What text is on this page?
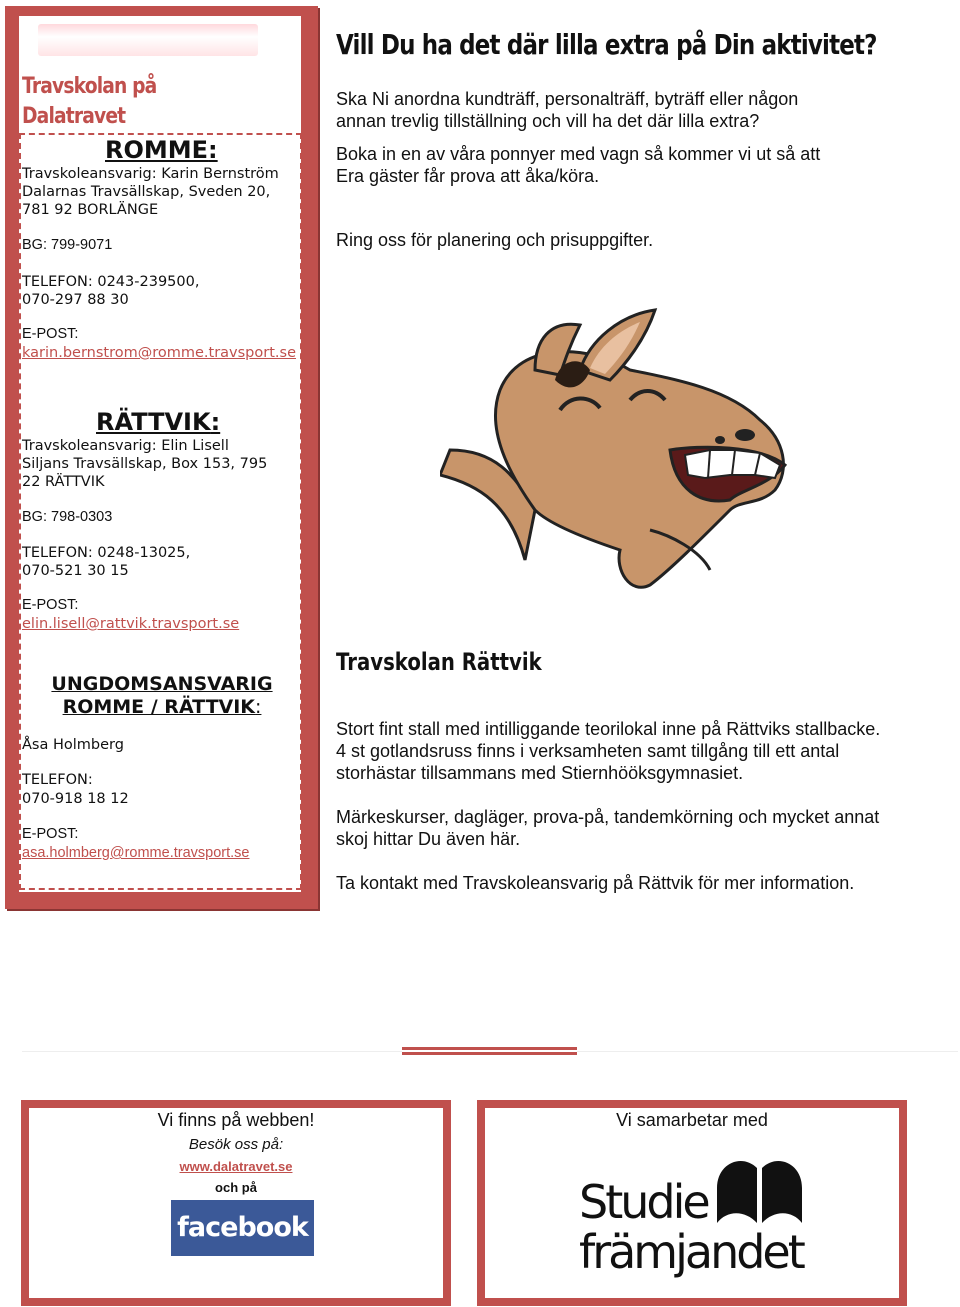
Travskolan på
Dalatravet
ROMME:
Travskoleansvarig: Karin Bernström
Dalarnas Travsällskap, Sveden 20,
781 92 BORLÄNGE
BG: 799-9071
TELEFON: 0243-239500,
070-297 88 30
E-POST:
karin.bernstrom@romme.travsport.se
RÄTTVIK:
Travskoleansvarig: Elin Lisell
Siljans Travsällskap, Box 153, 795
22 RÄTTVIK
BG: 798-0303
TELEFON: 0248-13025,
070-521 30 15
E-POST:
elin.lisell@rattvik.travsport.se
UNGDOMSANSVARIG
ROMME / RÄTTVIK:
Åsa Holmberg
TELEFON:
070-918 18 12
E-POST:
asa.holmberg@romme.travsport.se
Vill Du ha det där lilla extra på Din aktivitet?
Ska Ni anordna kundträff, personalträff, byträff eller någon
annan trevlig tillställning och vill ha det där lilla extra?
Boka in en av våra ponnyer med vagn så kommer vi ut så att
Era gäster får prova att åka/köra.
Ring oss för planering och prisuppgifter.
Travskolan Rättvik
Stort fint stall med intilliggande teorilokal inne på Rättviks stallbacke.
4 st gotlandsruss finns i verksamheten samt tillgång till ett antal
storhästar tillsammans med Stiernhööksgymnasiet.
Märkeskurser, dagläger, prova-på, tandemkörning och mycket annat
skoj hittar Du även här.
Ta kontakt med Travskoleansvarig på Rättvik för mer information.
Vi finns på webben!
Besök oss på:
www.dalatravet.se
och på
facebook
Vi samarbetar med
Studie
främjandet
